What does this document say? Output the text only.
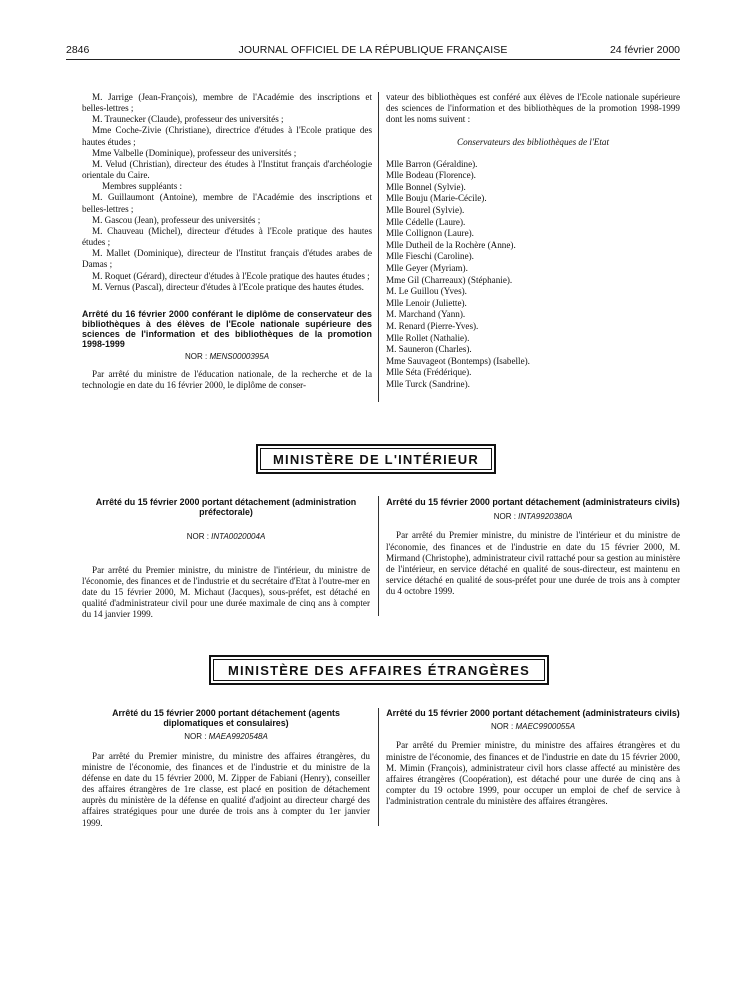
2846	JOURNAL OFFICIEL DE LA RÉPUBLIQUE FRANÇAISE	24 février 2000
M. Jarrige (Jean-François), membre de l'Académie des inscriptions et belles-lettres ;
M. Traunecker (Claude), professeur des universités ;
Mme Coche-Zivie (Christiane), directrice d'études à l'Ecole pratique des hautes études ;
Mme Valbelle (Dominique), professeur des universités ;
M. Velud (Christian), directeur des études à l'Institut français d'archéologie orientale du Caire.
Membres suppléants :
M. Guillaumont (Antoine), membre de l'Académie des inscriptions et belles-lettres ;
M. Gascou (Jean), professeur des universités ;
M. Chauveau (Michel), directeur d'études à l'Ecole pratique des hautes études ;
M. Mallet (Dominique), directeur de l'Institut français d'études arabes de Damas ;
M. Roquet (Gérard), directeur d'études à l'Ecole pratique des hautes études ;
M. Vernus (Pascal), directeur d'études à l'Ecole pratique des hautes études.
Arrêté du 16 février 2000 conférant le diplôme de conservateur des bibliothèques à des élèves de l'Ecole nationale supérieure des sciences de l'information et des bibliothèques de la promotion 1998-1999
NOR : MENS0000395A
Par arrêté du ministre de l'éducation nationale, de la recherche et de la technologie en date du 16 février 2000, le diplôme de conser-
vateur des bibliothèques est conféré aux élèves de l'Ecole nationale supérieure des sciences de l'information et des bibliothèques de la promotion 1998-1999 dont les noms suivent :
Conservateurs des bibliothèques de l'Etat
Mlle Barron (Géraldine).
Mlle Bodeau (Florence).
Mlle Bonnel (Sylvie).
Mlle Bouju (Marie-Cécile).
Mlle Bourel (Sylvie).
Mlle Cédelle (Laure).
Mlle Collignon (Laure).
Mlle Dutheil de la Rochère (Anne).
Mlle Fieschi (Caroline).
Mlle Geyer (Myriam).
Mme Gil (Charreaux) (Stéphanie).
M. Le Guillou (Yves).
Mlle Lenoir (Juliette).
M. Marchand (Yann).
M. Renard (Pierre-Yves).
Mlle Rollet (Nathalie).
M. Sauneron (Charles).
Mme Sauvageot (Bontemps) (Isabelle).
Mlle Séta (Frédérique).
Mlle Turck (Sandrine).
MINISTÈRE DE L'INTÉRIEUR
Arrêté du 15 février 2000 portant détachement (administration préfectorale)
NOR : INTA0020004A
Par arrêté du Premier ministre, du ministre de l'intérieur, du ministre de l'économie, des finances et de l'industrie et du secrétaire d'Etat à l'outre-mer en date du 15 février 2000, M. Michaut (Jacques), sous-préfet, est détaché en qualité d'administrateur civil pour une durée maximale de cinq ans à compter du 14 janvier 1999.
Arrêté du 15 février 2000 portant détachement (administrateurs civils)
NOR : INTA9920380A
Par arrêté du Premier ministre, du ministre de l'intérieur et du ministre de l'économie, des finances et de l'industrie en date du 15 février 2000, M. Mirmand (Christophe), administrateur civil rattaché pour sa gestion au ministère de l'intérieur, en service détaché en qualité de sous-directeur, est maintenu en service détaché en qualité de sous-préfet pour une durée de trois ans à compter du 4 octobre 1999.
MINISTÈRE DES AFFAIRES ÉTRANGÈRES
Arrêté du 15 février 2000 portant détachement (agents diplomatiques et consulaires)
NOR : MAEA9920548A
Par arrêté du Premier ministre, du ministre des affaires étrangères, du ministre de l'économie, des finances et de l'industrie et du ministre de la défense en date du 15 février 2000, M. Zipper de Fabiani (Henry), conseiller des affaires étrangères de 1re classe, est placé en position de détachement auprès du ministère de la défense en qualité d'adjoint au directeur chargé des affaires stratégiques pour une durée de trois ans à compter du 1er janvier 1999.
Arrêté du 15 février 2000 portant détachement (administrateurs civils)
NOR : MAEC9900055A
Par arrêté du Premier ministre, du ministre des affaires étrangères et du ministre de l'économie, des finances et de l'industrie en date du 15 février 2000, M. Mimin (François), administrateur civil hors classe affecté au ministère des affaires étrangères (Coopération), est détaché pour une durée de cinq ans à compter du 19 octobre 1999, pour occuper un emploi de chef de service à l'administration centrale du ministère des affaires étrangères.
